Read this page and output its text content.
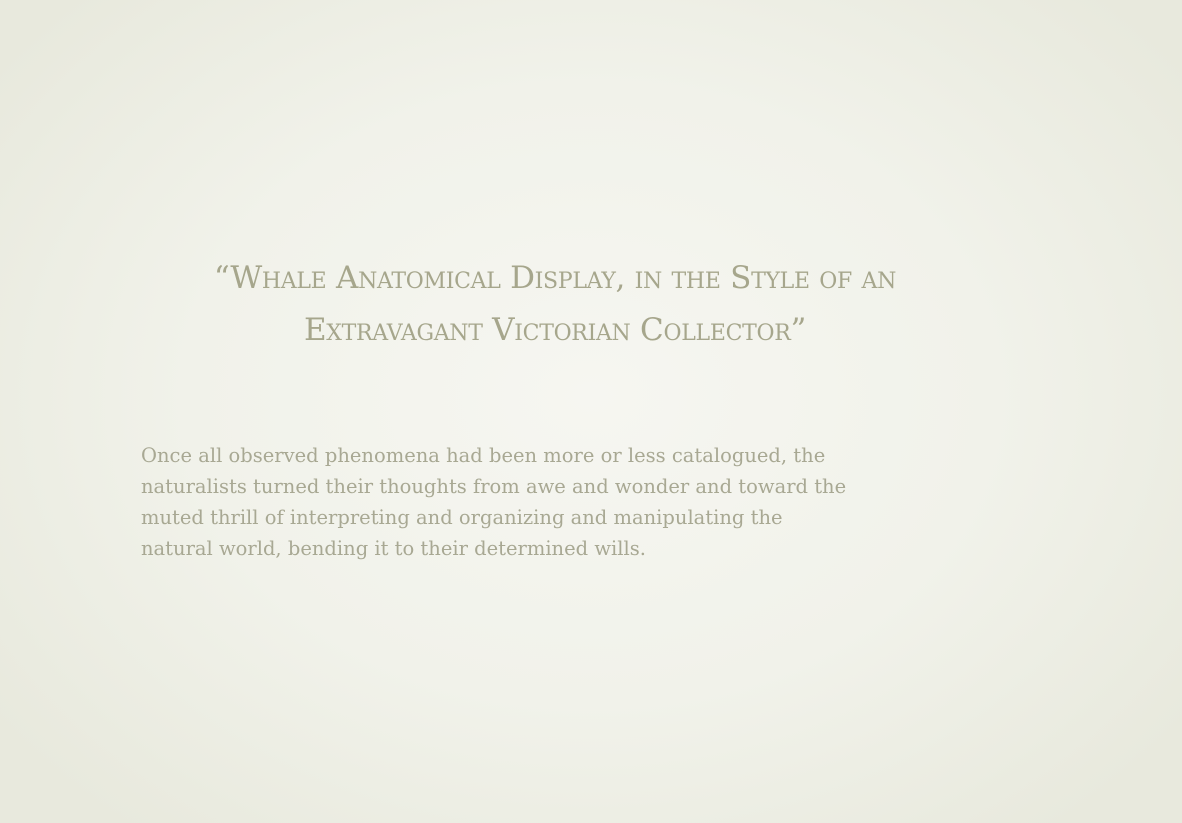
“Whale Anatomical Display, in the Style of an
Extravagant Victorian Collector”

Once all observed phenomena had been more or less catalogued, the
naturalists turned their thoughts from awe and wonder and toward the
muted thrill of interpreting and organizing and manipulating the
natural world, bending it to their determined wills.
